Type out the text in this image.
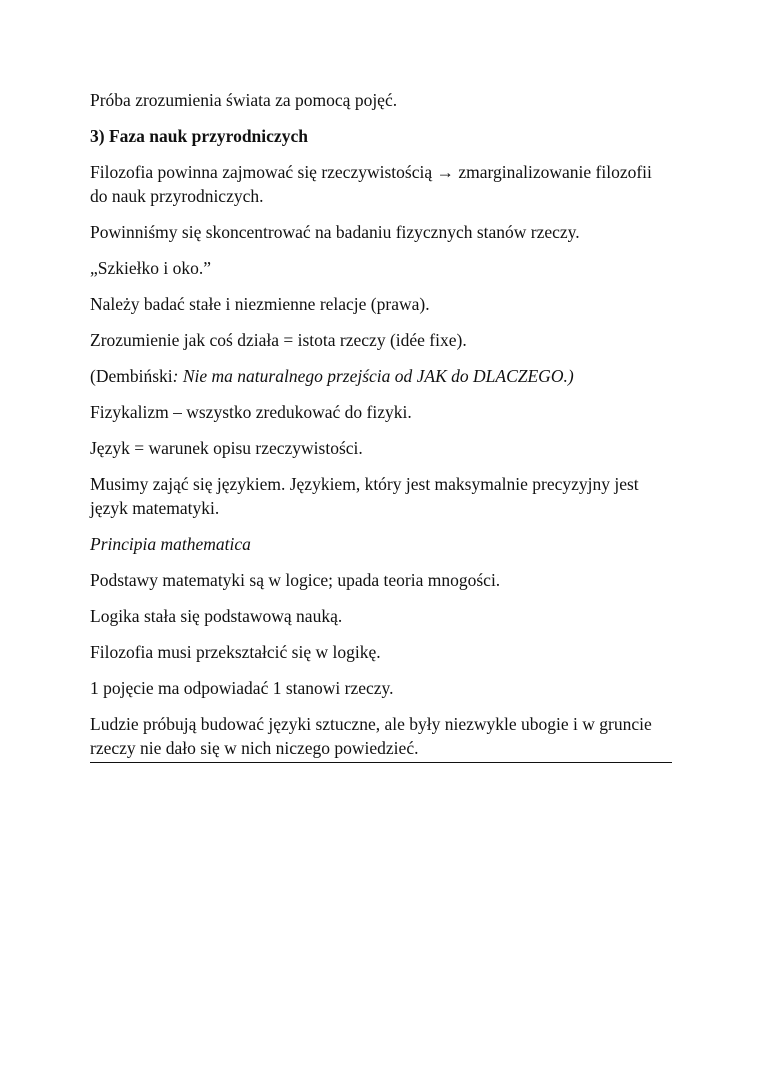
Próba zrozumienia świata za pomocą pojęć.

3) Faza nauk przyrodniczych

Filozofia powinna zajmować się rzeczywistością → zmarginalizowanie filozofii do nauk przyrodniczych.

Powinniśmy się skoncentrować na badaniu fizycznych stanów rzeczy.

„Szkiełko i oko.”

Należy badać stałe i niezmienne relacje (prawa).

Zrozumienie jak coś działa = istota rzeczy (idée fixe).

(Dembiński: Nie ma naturalnego przejścia od JAK do DLACZEGO.)

Fizykalizm – wszystko zredukować do fizyki.

Język = warunek opisu rzeczywistości.

Musimy zająć się językiem. Językiem, który jest maksymalnie precyzyjny jest język matematyki.

Principia mathematica

Podstawy matematyki są w logice; upada teoria mnogości.

Logika stała się podstawową nauką.

Filozofia musi przekształcić się w logikę.

1 pojęcie ma odpowiadać 1 stanowi rzeczy.

Ludzie próbują budować języki sztuczne, ale były niezwykle ubogie i w gruncie rzeczy nie dało się w nich niczego powiedzieć.
